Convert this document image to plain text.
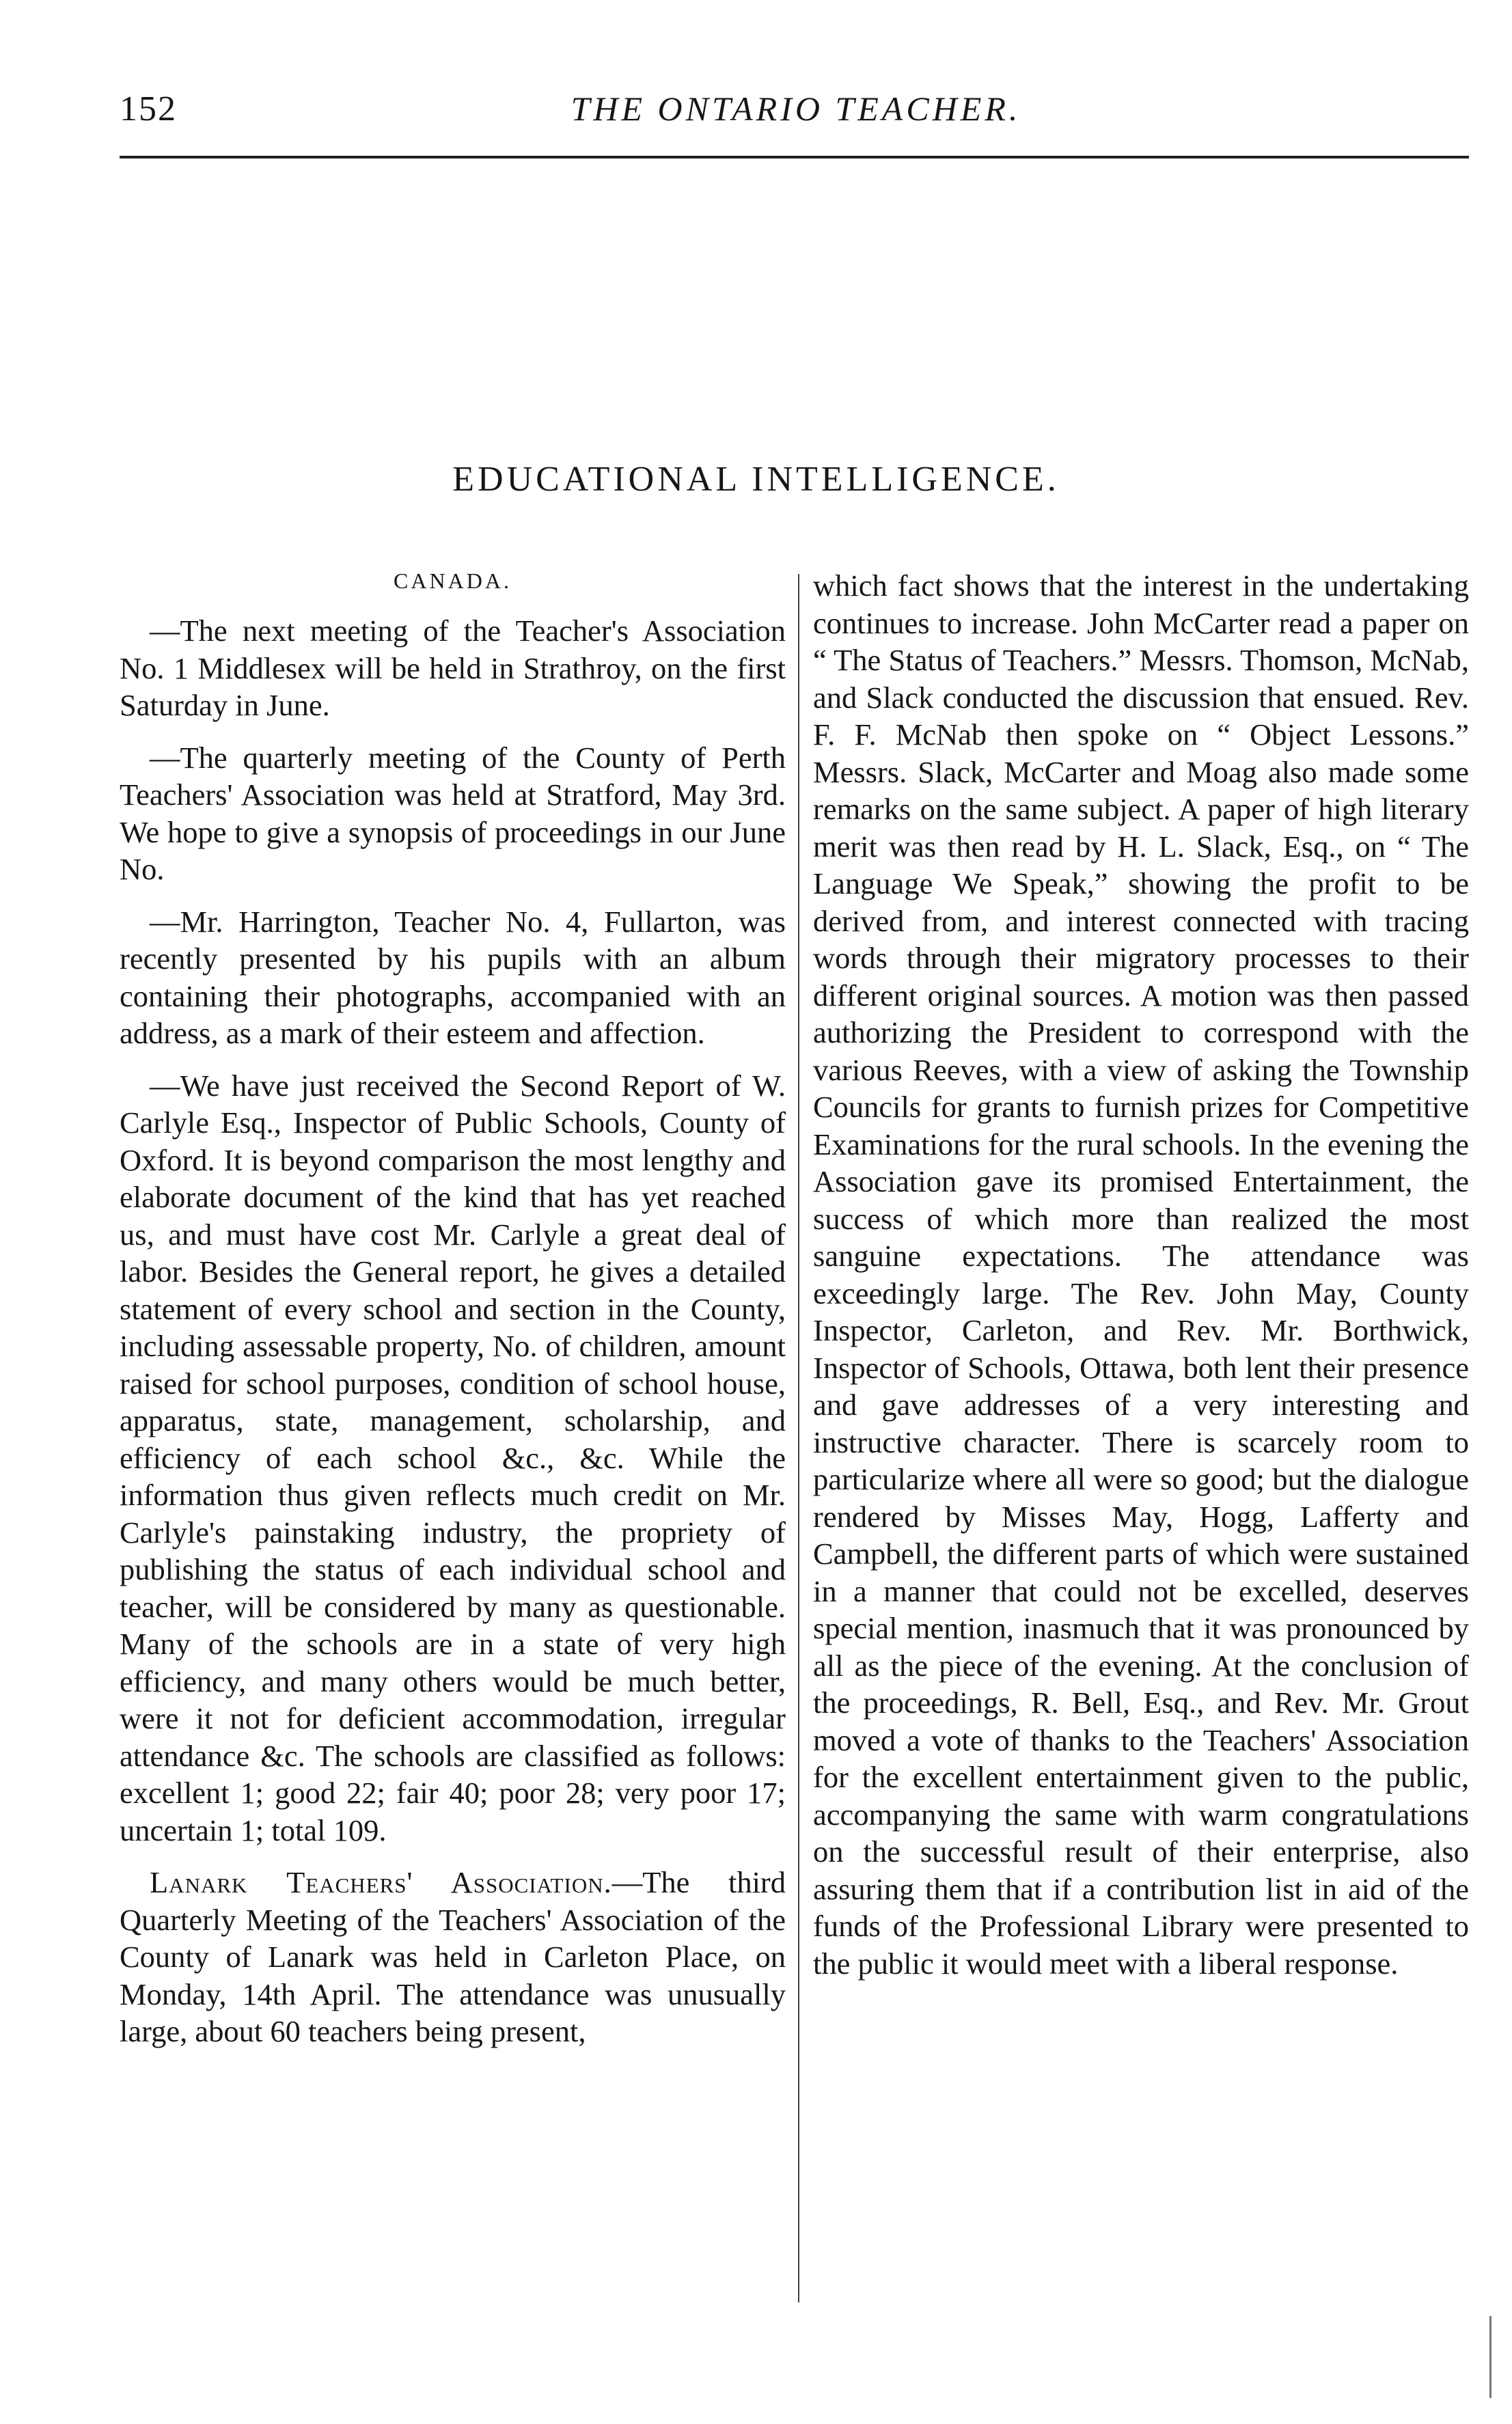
152	THE ONTARIO TEACHER.
EDUCATIONAL INTELLIGENCE.
CANADA.

—The next meeting of the Teacher's Association No. 1 Middlesex will be held in Strathroy, on the first Saturday in June.

—The quarterly meeting of the County of Perth Teachers' Association was held at Stratford, May 3rd. We hope to give a synopsis of proceedings in our June No.

—Mr. Harrington, Teacher No. 4, Fullarton, was recently presented by his pupils with an album containing their photographs, accompanied with an address, as a mark of their esteem and affection.

—We have just received the Second Report of W. Carlyle Esq., Inspector of Public Schools, County of Oxford. It is beyond comparison the most lengthy and elaborate document of the kind that has yet reached us, and must have cost Mr. Carlyle a great deal of labor. Besides the General report, he gives a detailed statement of every school and section in the County, including assessable property, No. of children, amount raised for school purposes, condition of school house, apparatus, state, management, scholarship, and efficiency of each school &c., &c. While the information thus given reflects much credit on Mr. Carlyle's painstaking industry, the propriety of publishing the status of each individual school and teacher, will be considered by many as questionable. Many of the schools are in a state of very high efficiency, and many others would be much better, were it not for deficient accommodation, irregular attendance &c. The schools are classified as follows: excellent 1; good 22; fair 40; poor 28; very poor 17; uncertain 1; total 109.

Lanark Teachers' Association.—The third Quarterly Meeting of the Teachers' Association of the County of Lanark was held in Carleton Place, on Monday, 14th April. The attendance was unusually large, about 60 teachers being present,

which fact shows that the interest in the undertaking continues to increase. John McCarter read a paper on “ The Status of Teachers.” Messrs. Thomson, McNab, and Slack conducted the discussion that ensued. Rev. F. F. McNab then spoke on “ Object Lessons.” Messrs. Slack, McCarter and Moag also made some remarks on the same subject. A paper of high literary merit was then read by H. L. Slack, Esq., on “ The Language We Speak,” showing the profit to be derived from, and interest connected with tracing words through their migratory processes to their different original sources. A motion was then passed authorizing the President to correspond with the various Reeves, with a view of asking the Township Councils for grants to furnish prizes for Competitive Examinations for the rural schools. In the evening the Association gave its promised Entertainment, the success of which more than realized the most sanguine expectations. The attendance was exceedingly large. The Rev. John May, County Inspector, Carleton, and Rev. Mr. Borthwick, Inspector of Schools, Ottawa, both lent their presence and gave addresses of a very interesting and instructive character. There is scarcely room to particularize where all were so good; but the dialogue rendered by Misses May, Hogg, Lafferty and Campbell, the different parts of which were sustained in a manner that could not be excelled, deserves special mention, inasmuch that it was pronounced by all as the piece of the evening. At the conclusion of the proceedings, R. Bell, Esq., and Rev. Mr. Grout moved a vote of thanks to the Teachers' Association for the excellent entertainment given to the public, accompanying the same with warm congratulations on the successful result of their enterprise, also assuring them that if a contribution list in aid of the funds of the Professional Library were presented to the public it would meet with a liberal response.
